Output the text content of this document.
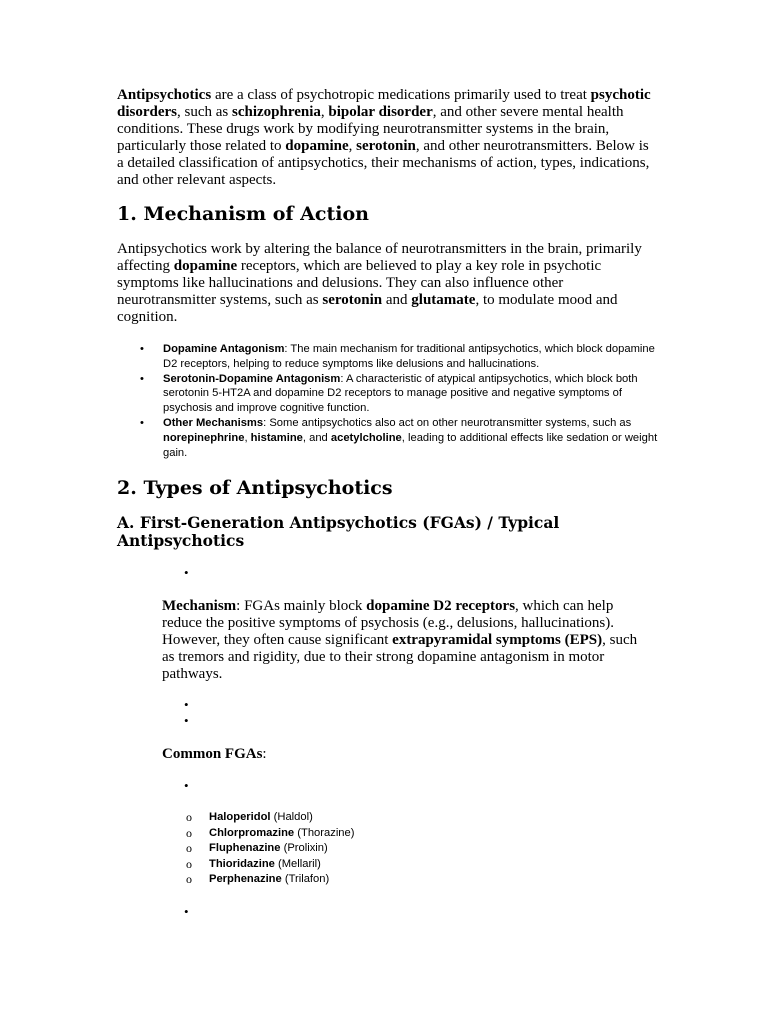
Antipsychotics are a class of psychotropic medications primarily used to treat psychotic disorders, such as schizophrenia, bipolar disorder, and other severe mental health conditions. These drugs work by modifying neurotransmitter systems in the brain, particularly those related to dopamine, serotonin, and other neurotransmitters. Below is a detailed classification of antipsychotics, their mechanisms of action, types, indications, and other relevant aspects.

1. Mechanism of Action

Antipsychotics work by altering the balance of neurotransmitters in the brain, primarily affecting dopamine receptors, which are believed to play a key role in psychotic symptoms like hallucinations and delusions. They can also influence other neurotransmitter systems, such as serotonin and glutamate, to modulate mood and cognition.

• Dopamine Antagonism: The main mechanism for traditional antipsychotics, which block dopamine D2 receptors, helping to reduce symptoms like delusions and hallucinations.
• Serotonin-Dopamine Antagonism: A characteristic of atypical antipsychotics, which block both serotonin 5-HT2A and dopamine D2 receptors to manage positive and negative symptoms of psychosis and improve cognitive function.
• Other Mechanisms: Some antipsychotics also act on other neurotransmitter systems, such as norepinephrine, histamine, and acetylcholine, leading to additional effects like sedation or weight gain.
2. Types of Antipsychotics
A. First-Generation Antipsychotics (FGAs) / Typical Antipsychotics
•

Mechanism: FGAs mainly block dopamine D2 receptors, which can help reduce the positive symptoms of psychosis (e.g., delusions, hallucinations). However, they often cause significant extrapyramidal symptoms (EPS), such as tremors and rigidity, due to their strong dopamine antagonism in motor pathways.

•
•

Common FGAs:

•
o Haloperidol (Haldol)
o Chlorpromazine (Thorazine)
o Fluphenazine (Prolixin)
o Thioridazine (Mellaril)
o Perphenazine (Trilafon)
•
